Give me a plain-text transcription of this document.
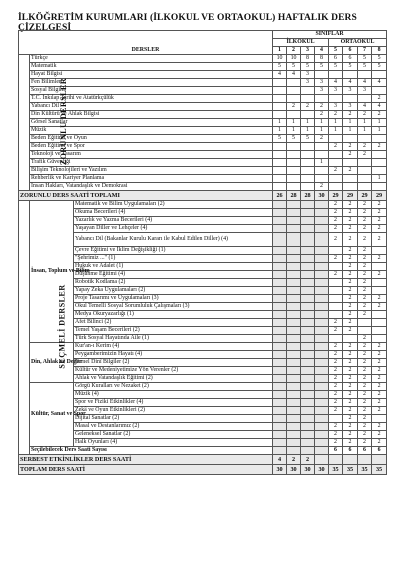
İLKÖĞRETİM KURUMLARI (İLKOKUL VE ORTAOKUL) HAFTALIK DERS ÇİZELGESİ
DERSLER			SINIFLAR							
			İLKOKUL				ORTAOKUL			
			1	2	3	4	5	6	7	8
ZORUNLU DERSLER	Türkçe		10	10	8	8	6	6	5	5
	Matematik		5	5	5	5	5	5	5	5
	Hayat Bilgisi		4	4	3					
	Fen Bilimleri				3	3	4	4	4	4
	Sosyal Bilgiler					3	3	3	3	
	T.C. İnkılap Tarihi ve Atatürkçülük									2
	Yabancı Dil			2	2	2	3	3	4	4
	Din Kültürü ve Ahlak Bilgisi					2	2	2	2	2
	Görsel Sanatlar		1	1	1	1	1	1	1	1
	Müzik		1	1	1	1	1	1	1	1
	Beden Eğitimi ve Oyun		5	5	5	2				
	Beden Eğitimi ve Spor						2	2	2	2
	Teknoloji ve Tasarım							2	2	
	Trafik Güvenliği					1				
	Bilişim Teknolojileri ve Yazılım						2	2		
	Rehberlik ve Kariyer Planlama									1
	İnsan Hakları, Vatandaşlık ve Demokrasi					2				
ZORUNLU DERS SAATİ TOPLAMI			26	28	28	30	29	29	29	29
SEÇMELİ DERSLER	İnsan, Toplum ve Bilim	Matematik ve Bilim Uygulamaları (2)					2	2	2	2
		Okuma Becerileri (4)					2	2	2	2
		Yazarlık ve Yazma Becerileri (4)					2	2	2	2
		Yaşayan Diller ve Lehçeler (4)					2	2	2	2
		Yabancı Dil (Bakanlar Kurulu Kararı ile Kabul Edilen Diller) (4)					2	2	2	2
		Çevre Eğitimi ve İklim Değişikliği (1)						2	2	
		"Şehrimiz ..." (1)					2	2	2	2
		Hukuk ve Adalet (1)						2	2	
		Düşünme Eğitimi (4)					2	2	2	2
		Robotik Kodlama (2)						2	2	
		Yapay Zeka Uygulamaları (2)						2	2	
		Proje Tasarımı ve Uygulamaları (3)						2	2	2
		Okul Temelli Sosyal Sorumluluk Çalışmaları (3)						2	2	2
		Medya Okuryazarlığı (1)						2	2	
		Afet Bilinci (2)					2	2		
		Temel Yaşam Becerileri (2)					2	2		
		Türk Sosyal Hayatında Aile (1)							2	
	Din, Ahlak ve Değer	Kur'an-ı Kerim (4)					2	2	2	2
		Peygamberimizin Hayatı (4)					2	2	2	2
		Temel Dinî Bilgiler (2)					2	2	2	2
		Kültür ve Medeniyetimize Yön Verenler (2)					2	2	2	2
		Ahlak ve Vatandaşlık Eğitimi (2)					2	2	2	2
	Kültür, Sanat ve Spor	Görgü Kuralları ve Nezaket (2)					2	2	2	2
		Müzik (4)					2	2	2	2
		Spor ve Fiziki Etkinlikler (4)					2	2	2	2
		Zekâ ve Oyun Etkinlikleri (2)					2	2	2	2
		Dijital Sanatlar (2)						2	2	
		Masal ve Destanlarımız (2)					2	2	2	2
		Geleneksel Sanatlar (2)					2	2	2	2
		Halk Oyunları (4)					2	2	2	2
	Seçilebilecek Ders Saati Sayısı						6	6	6	6
SERBEST ETKİNLİKLER DERS SAATİ			4	2	2					
TOPLAM DERS SAATİ			30	30	30	30	35	35	35	35
